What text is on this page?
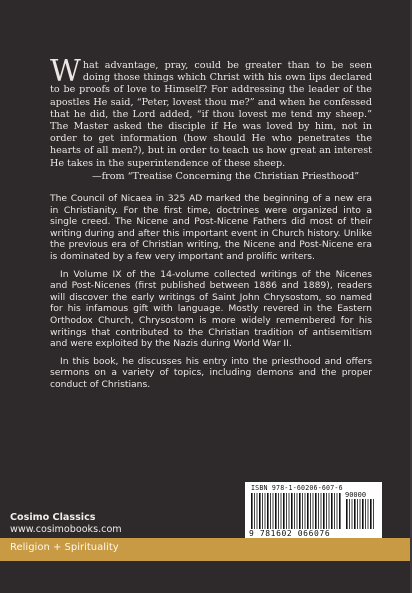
What advantage, pray, could be greater than to be seen doing those things which Christ with his own lips declared to be proofs of love to Himself? For addressing the leader of the apostles He said, “Peter, lovest thou me?” and when he confessed that he did, the Lord added, “if thou lovest me tend my sheep.” The Master asked the disciple if He was loved by him, not in order to get information (how should He who penetrates the hearts of all men?), but in order to teach us how great an interest He takes in the superintendence of these sheep.
—from “Treatise Concerning the Christian Priesthood”

The Council of Nicaea in 325 AD marked the beginning of a new era in Christianity. For the first time, doctrines were organized into a single creed. The Nicene and Post-Nicene Fathers did most of their writing during and after this important event in Church history. Unlike the previous era of Christian writing, the Nicene and Post-Nicene era is dominated by a few very important and prolific writers.

In Volume IX of the 14-volume collected writings of the Nicenes and Post-Nicenes (first published between 1886 and 1889), readers will discover the early writings of Saint John Chrysostom, so named for his infamous gift with language. Mostly revered in the Eastern Orthodox Church, Chrysostom is more widely remembered for his writings that contributed to the Christian tradition of antisemitism and were exploited by the Nazis during World War II.

In this book, he discusses his entry into the priesthood and offers sermons on a variety of topics, including demons and the proper conduct of Christians.

Cosimo Classics
www.cosimobooks.com
ISBN 978-1-60206-607-6
90000
9 781602 066076
Religion + Spirituality
